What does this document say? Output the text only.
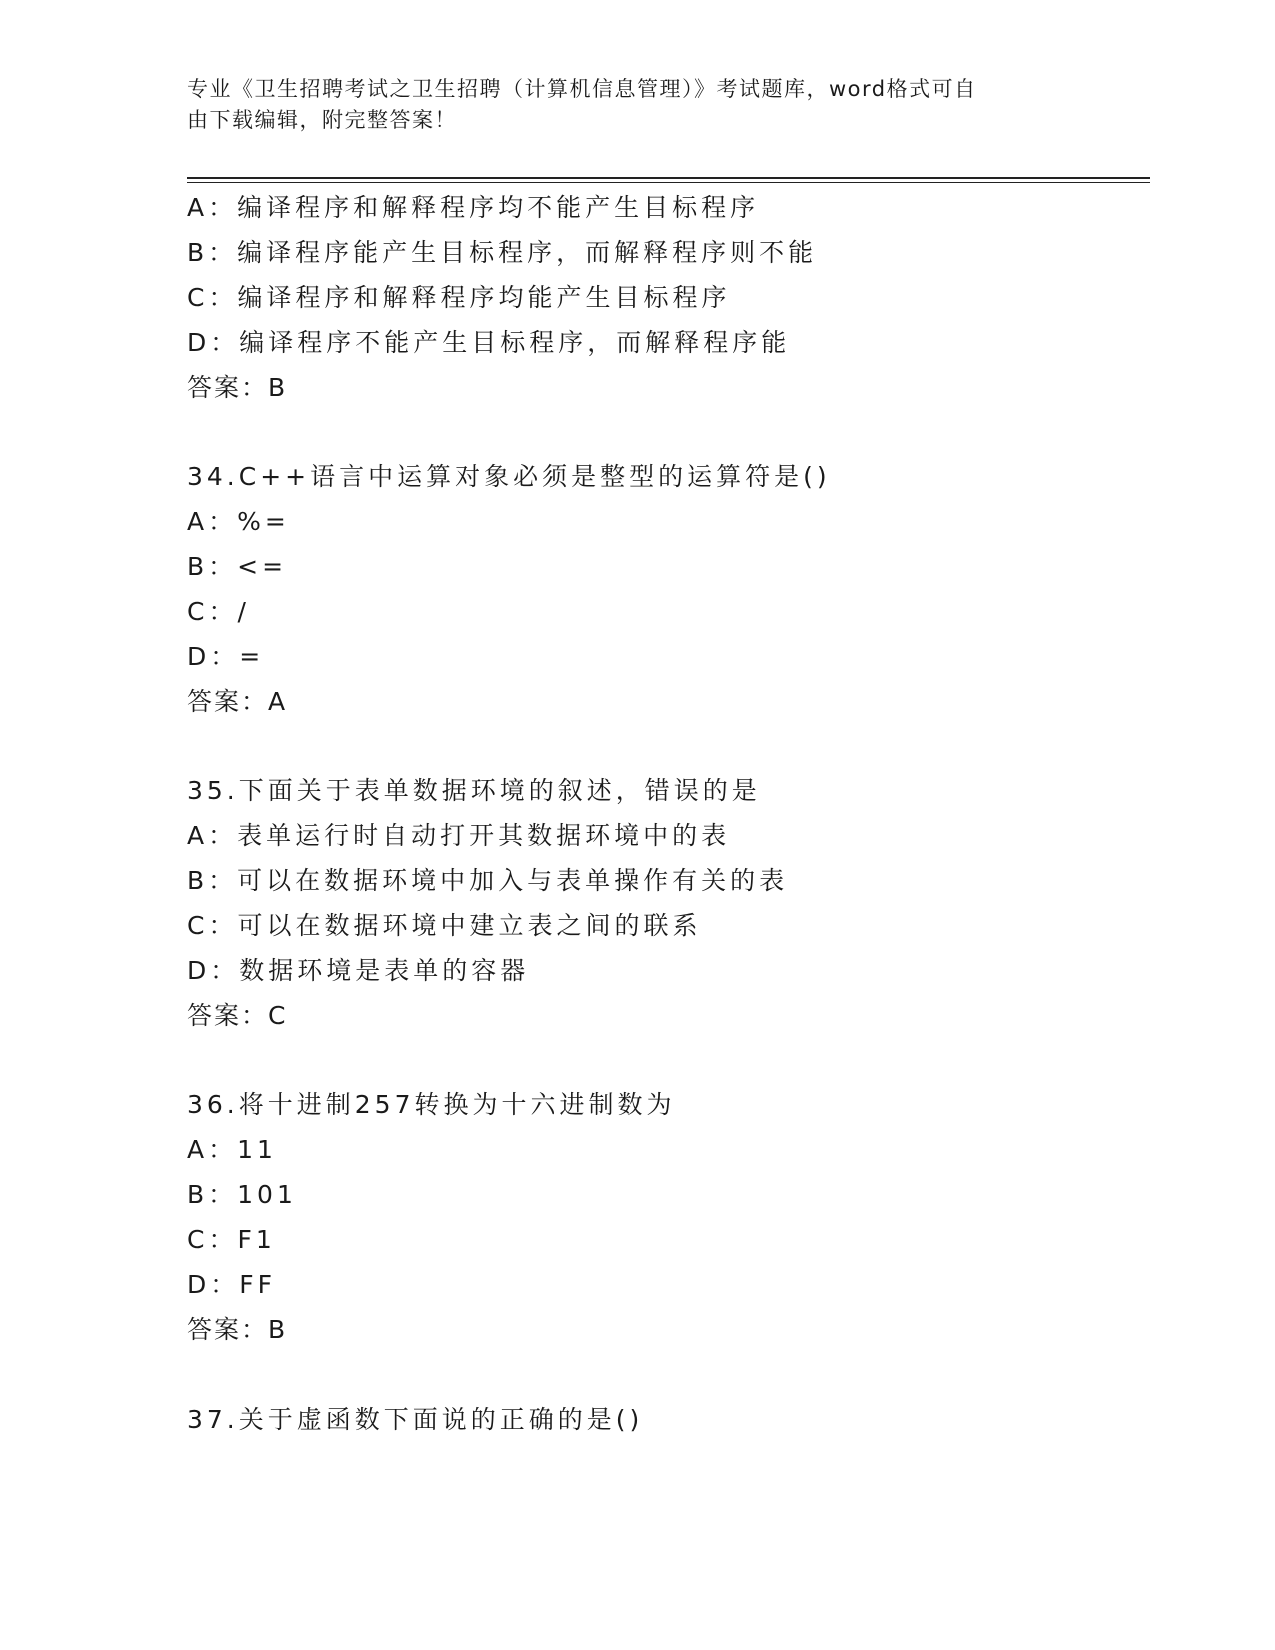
专业《卫生招聘考试之卫生招聘（计算机信息管理）》考试题库，word格式可自
由下载编辑，附完整答案！
A：编译程序和解释程序均不能产生目标程序
B：编译程序能产生目标程序，而解释程序则不能
C：编译程序和解释程序均能产生目标程序
D：编译程序不能产生目标程序，而解释程序能
答案：B
34.C++语言中运算对象必须是整型的运算符是()
A：%=
B：<=
C：/
D：=
答案：A
35.下面关于表单数据环境的叙述，错误的是
A：表单运行时自动打开其数据环境中的表
B：可以在数据环境中加入与表单操作有关的表
C：可以在数据环境中建立表之间的联系
D：数据环境是表单的容器
答案：C
36.将十进制257转换为十六进制数为
A：11
B：101
C：F1
D：FF
答案：B
37.关于虚函数下面说的正确的是()
